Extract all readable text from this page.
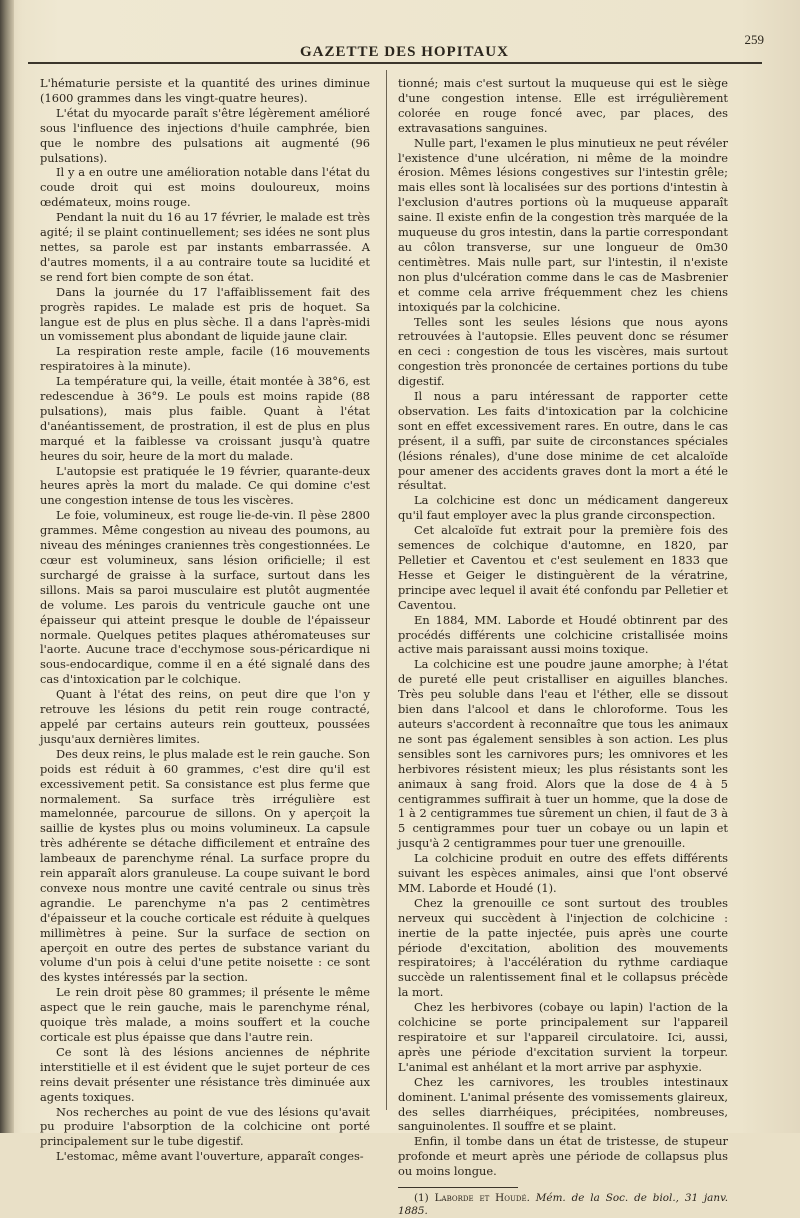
GAZETTE DES HOPITAUX
259

L'hématurie persiste et la quantité des urines diminue (1600 grammes dans les vingt-quatre heures).

L'état du myocarde paraît s'être légèrement amélioré sous l'influence des injections d'huile camphrée, bien que le nombre des pulsations ait augmenté (96 pulsations).

Il y a en outre une amélioration notable dans l'état du coude droit qui est moins douloureux, moins œdémateux, moins rouge.

Pendant la nuit du 16 au 17 février, le malade est très agité; il se plaint continuellement; ses idées ne sont plus nettes, sa parole est par instants embarrassée. A d'autres moments, il a au contraire toute sa lucidité et se rend fort bien compte de son état.

Dans la journée du 17 l'affaiblissement fait des progrès rapides. Le malade est pris de hoquet. Sa langue est de plus en plus sèche. Il a dans l'après-midi un vomissement plus abondant de liquide jaune clair.

La respiration reste ample, facile (16 mouvements respiratoires à la minute).

La température qui, la veille, était montée à 38°6, est redescendue à 36°9. Le pouls est moins rapide (88 pulsations), mais plus faible. Quant à l'état d'anéantissement, de prostration, il est de plus en plus marqué et la faiblesse va croissant jusqu'à quatre heures du soir, heure de la mort du malade.

L'autopsie est pratiquée le 19 février, quarante-deux heures après la mort du malade. Ce qui domine c'est une congestion intense de tous les viscères.

Le foie, volumineux, est rouge lie-de-vin. Il pèse 2800 grammes. Même congestion au niveau des poumons, au niveau des méninges craniennes très congestionnées. Le cœur est volumineux, sans lésion orificielle; il est surchargé de graisse à la surface, surtout dans les sillons. Mais sa paroi musculaire est plutôt augmentée de volume. Les parois du ventricule gauche ont une épaisseur qui atteint presque le double de l'épaisseur normale. Quelques petites plaques athéromateuses sur l'aorte. Aucune trace d'ecchymose sous-péricardique ni sous-endocardique, comme il en a été signalé dans des cas d'intoxication par le colchique.

Quant à l'état des reins, on peut dire que l'on y retrouve les lésions du petit rein rouge contracté, appelé par certains auteurs rein goutteux, poussées jusqu'aux dernières limites.

Des deux reins, le plus malade est le rein gauche. Son poids est réduit à 60 grammes, c'est dire qu'il est excessivement petit. Sa consistance est plus ferme que normalement. Sa surface très irrégulière est mamelonnée, parcourue de sillons. On y aperçoit la saillie de kystes plus ou moins volumineux. La capsule très adhérente se détache difficilement et entraîne des lambeaux de parenchyme rénal. La surface propre du rein apparaît alors granuleuse. La coupe suivant le bord convexe nous montre une cavité centrale ou sinus très agrandie. Le parenchyme n'a pas 2 centimètres d'épaisseur et la couche corticale est réduite à quelques millimètres à peine. Sur la surface de section on aperçoit en outre des pertes de substance variant du volume d'un pois à celui d'une petite noisette : ce sont des kystes intéressés par la section.

Le rein droit pèse 80 grammes; il présente le même aspect que le rein gauche, mais le parenchyme rénal, quoique très malade, a moins souffert et la couche corticale est plus épaisse que dans l'autre rein.

Ce sont là des lésions anciennes de néphrite interstitielle et il est évident que le sujet porteur de ces reins devait présenter une résistance très diminuée aux agents toxiques.

Nos recherches au point de vue des lésions qu'avait pu produire l'absorption de la colchicine ont porté principalement sur le tube digestif.

L'estomac, même avant l'ouverture, apparaît conges-

tionné; mais c'est surtout la muqueuse qui est le siège d'une congestion intense. Elle est irrégulièrement colorée en rouge foncé avec, par places, des extravasations sanguines.

Nulle part, l'examen le plus minutieux ne peut révéler l'existence d'une ulcération, ni même de la moindre érosion. Mêmes lésions congestives sur l'intestin grêle; mais elles sont là localisées sur des portions d'intestin à l'exclusion d'autres portions où la muqueuse apparaît saine. Il existe enfin de la congestion très marquée de la muqueuse du gros intestin, dans la partie correspondant au côlon transverse, sur une longueur de 0m30 centimètres. Mais nulle part, sur l'intestin, il n'existe non plus d'ulcération comme dans le cas de Masbrenier et comme cela arrive fréquemment chez les chiens intoxiqués par la colchicine.

Telles sont les seules lésions que nous ayons retrouvées à l'autopsie. Elles peuvent donc se résumer en ceci : congestion de tous les viscères, mais surtout congestion très prononcée de certaines portions du tube digestif.

Il nous a paru intéressant de rapporter cette observation. Les faits d'intoxication par la colchicine sont en effet excessivement rares. En outre, dans le cas présent, il a suffi, par suite de circonstances spéciales (lésions rénales), d'une dose minime de cet alcaloïde pour amener des accidents graves dont la mort a été le résultat.

La colchicine est donc un médicament dangereux qu'il faut employer avec la plus grande circonspection.

Cet alcaloïde fut extrait pour la première fois des semences de colchique d'automne, en 1820, par Pelletier et Caventou et c'est seulement en 1833 que Hesse et Geiger le distinguèrent de la vératrine, principe avec lequel il avait été confondu par Pelletier et Caventou.

En 1884, MM. Laborde et Houdé obtinrent par des procédés différents une colchicine cristallisée moins active mais paraissant aussi moins toxique.

La colchicine est une poudre jaune amorphe; à l'état de pureté elle peut cristalliser en aiguilles blanches. Très peu soluble dans l'eau et l'éther, elle se dissout bien dans l'alcool et dans le chloroforme. Tous les auteurs s'accordent à reconnaître que tous les animaux ne sont pas également sensibles à son action. Les plus sensibles sont les carnivores purs; les omnivores et les herbivores résistent mieux; les plus résistants sont les animaux à sang froid. Alors que la dose de 4 à 5 centigrammes suffirait à tuer un homme, que la dose de 1 à 2 centigrammes tue sûrement un chien, il faut de 3 à 5 centigrammes pour tuer un cobaye ou un lapin et jusqu'à 2 centigrammes pour tuer une grenouille.

La colchicine produit en outre des effets différents suivant les espèces animales, ainsi que l'ont observé MM. Laborde et Houdé (1).

Chez la grenouille ce sont surtout des troubles nerveux qui succèdent à l'injection de colchicine : inertie de la patte injectée, puis après une courte période d'excitation, abolition des mouvements respiratoires; à l'accélération du rythme cardiaque succède un ralentissement final et le collapsus précède la mort.

Chez les herbivores (cobaye ou lapin) l'action de la colchicine se porte principalement sur l'appareil respiratoire et sur l'appareil circulatoire. Ici, aussi, après une période d'excitation survient la torpeur. L'animal est anhélant et la mort arrive par asphyxie.

Chez les carnivores, les troubles intestinaux dominent. L'animal présente des vomissements glaireux, des selles diarrhéiques, précipitées, nombreuses, sanguinolentes. Il souffre et se plaint.

Enfin, il tombe dans un état de tristesse, de stupeur profonde et meurt après une période de collapsus plus ou moins longue.

(1) Laborde et Houdé. Mém. de la Soc. de biol., 31 janv. 1885.
